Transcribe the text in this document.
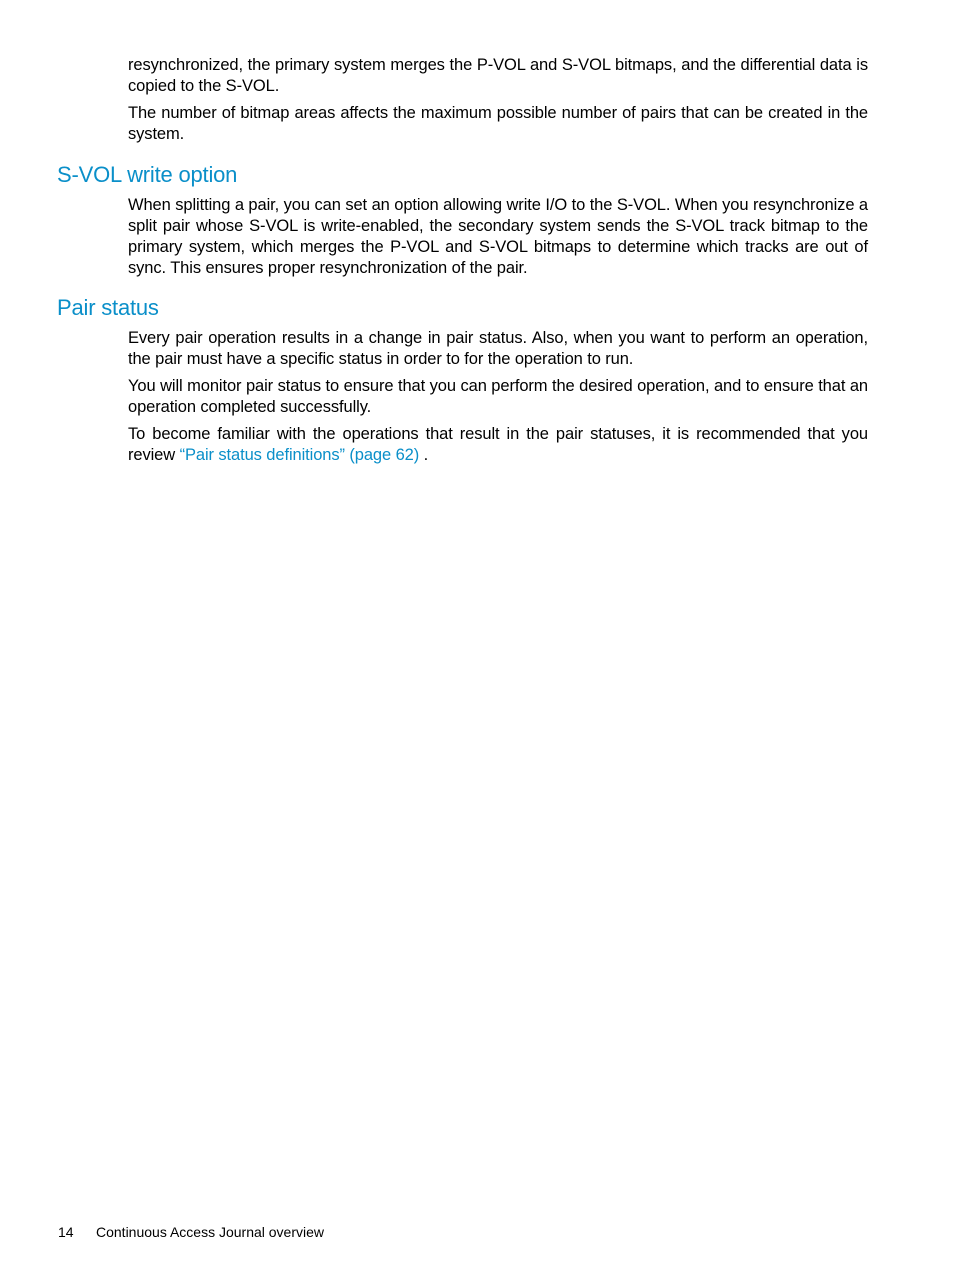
resynchronized, the primary system merges the P-VOL and S-VOL bitmaps, and the differential data is copied to the S-VOL.

The number of bitmap areas affects the maximum possible number of pairs that can be created in the system.

S-VOL write option

When splitting a pair, you can set an option allowing write I/O to the S-VOL. When you resynchronize a split pair whose S-VOL is write-enabled, the secondary system sends the S-VOL track bitmap to the primary system, which merges the P-VOL and S-VOL bitmaps to determine which tracks are out of sync. This ensures proper resynchronization of the pair.

Pair status

Every pair operation results in a change in pair status. Also, when you want to perform an operation, the pair must have a specific status in order to for the operation to run.

You will monitor pair status to ensure that you can perform the desired operation, and to ensure that an operation completed successfully.

To become familiar with the operations that result in the pair statuses, it is recommended that you review “Pair status definitions” (page 62) .

14 Continuous Access Journal overview
